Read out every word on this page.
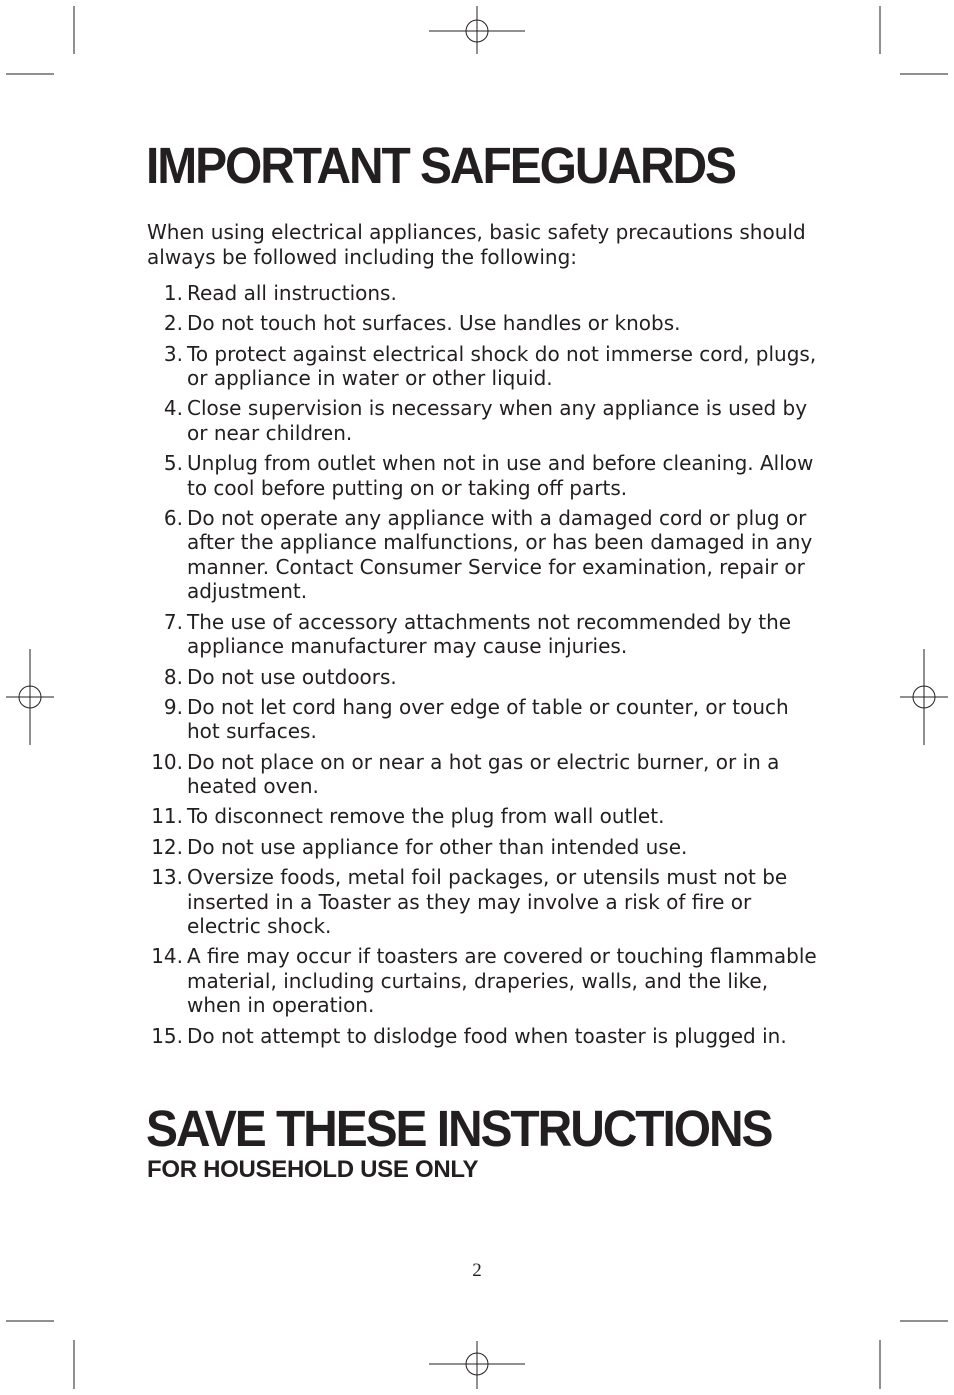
IMPORTANT SAFEGUARDS

When using electrical appliances, basic safety precautions should always be followed including the following:

1. Read all instructions.
2. Do not touch hot surfaces. Use handles or knobs.
3. To protect against electrical shock do not immerse cord, plugs, or appliance in water or other liquid.
4. Close supervision is necessary when any appliance is used by or near children.
5. Unplug from outlet when not in use and before cleaning. Allow to cool before putting on or taking off parts.
6. Do not operate any appliance with a damaged cord or plug or after the appliance malfunctions, or has been damaged in any manner. Contact Consumer Service for examination, repair or adjustment.
7. The use of accessory attachments not recommended by the appliance manufacturer may cause injuries.
8. Do not use outdoors.
9. Do not let cord hang over edge of table or counter, or touch hot surfaces.
10. Do not place on or near a hot gas or electric burner, or in a heated oven.
11. To disconnect remove the plug from wall outlet.
12. Do not use appliance for other than intended use.
13. Oversize foods, metal foil packages, or utensils must not be inserted in a Toaster as they may involve a risk of fire or electric shock.
14. A fire may occur if toasters are covered or touching flammable material, including curtains, draperies, walls, and the like, when in operation.
15. Do not attempt to dislodge food when toaster is plugged in.
SAVE THESE INSTRUCTIONS
FOR HOUSEHOLD USE ONLY
2
